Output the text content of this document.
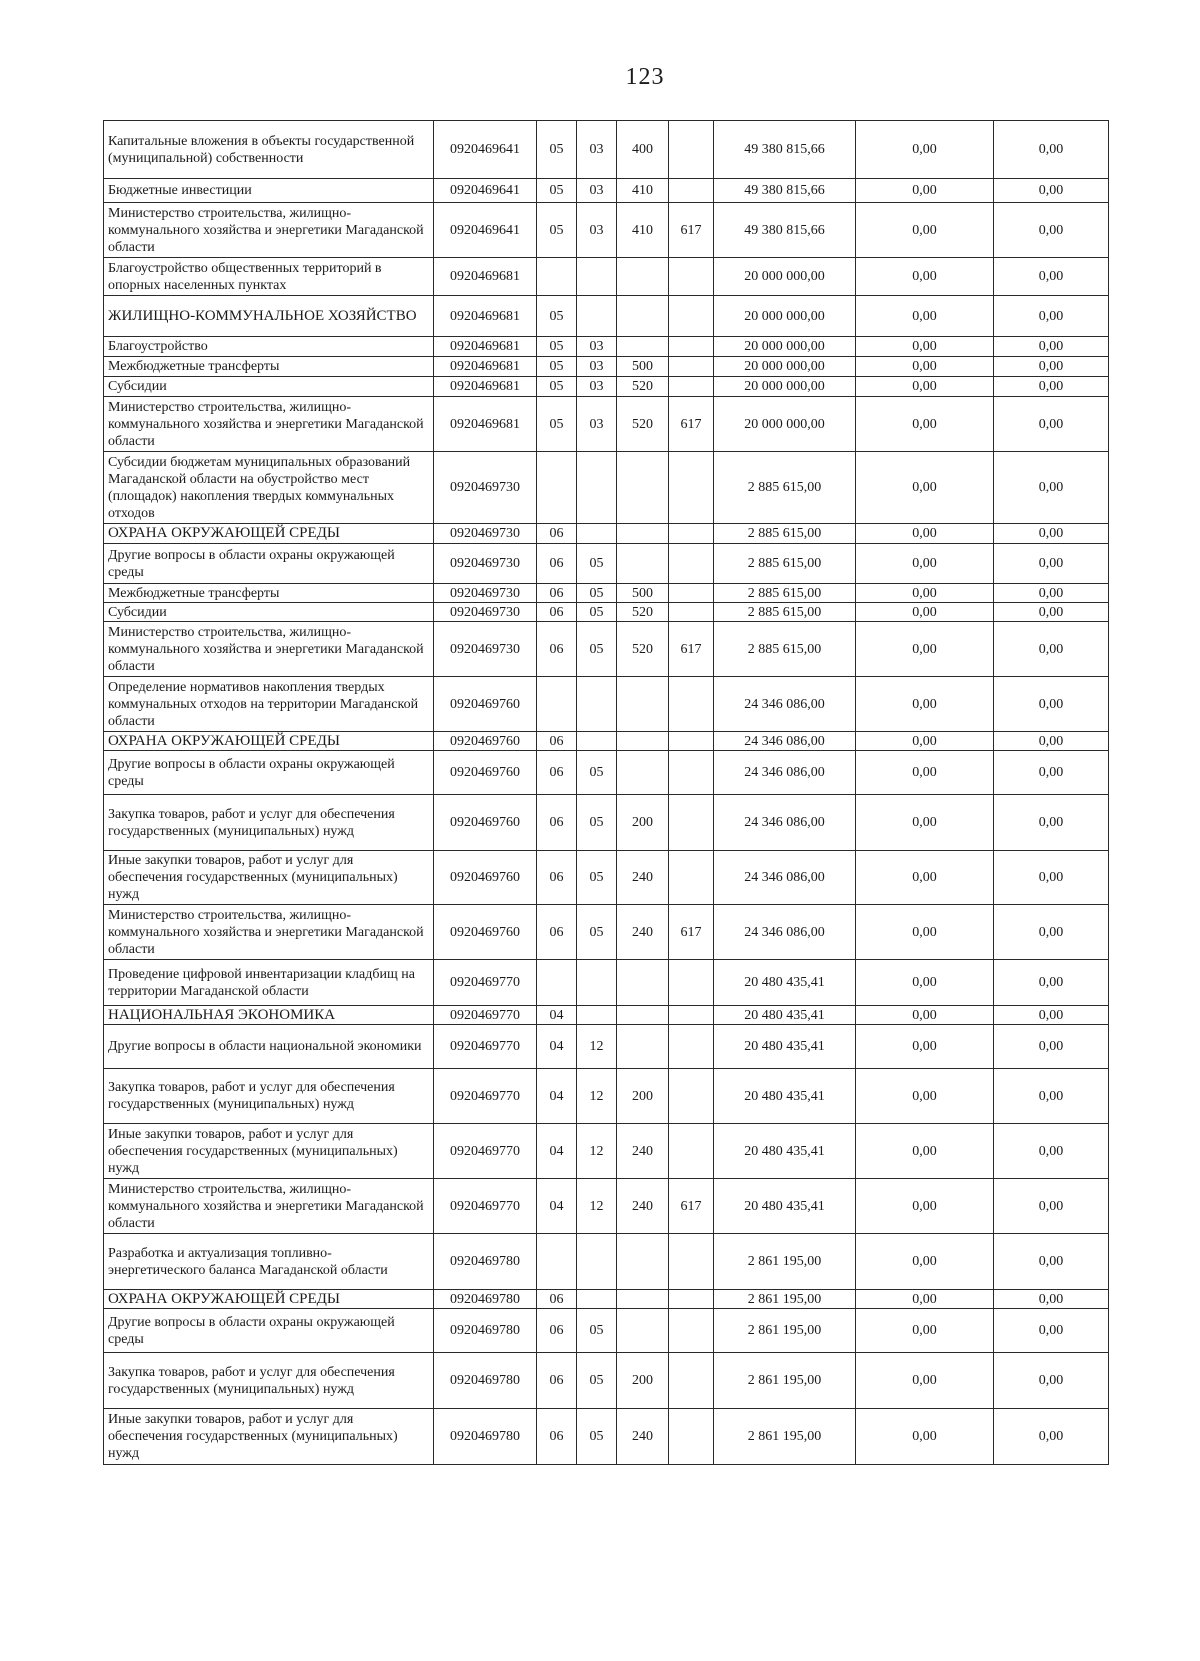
123
Капитальные вложения в объекты государственной (муниципальной) собственности	0920469641	05	03	400		49 380 815,66	0,00	0,00
Бюджетные инвестиции	0920469641	05	03	410		49 380 815,66	0,00	0,00
Министерство строительства, жилищно-коммунального хозяйства и энергетики Магаданской области	0920469641	05	03	410	617	49 380 815,66	0,00	0,00
Благоустройство общественных территорий в опорных населенных пунктах	0920469681					20 000 000,00	0,00	0,00
ЖИЛИЩНО-КОММУНАЛЬНОЕ ХОЗЯЙСТВО	0920469681	05				20 000 000,00	0,00	0,00
Благоустройство	0920469681	05	03			20 000 000,00	0,00	0,00
Межбюджетные трансферты	0920469681	05	03	500		20 000 000,00	0,00	0,00
Субсидии	0920469681	05	03	520		20 000 000,00	0,00	0,00
Министерство строительства, жилищно-коммунального хозяйства и энергетики Магаданской области	0920469681	05	03	520	617	20 000 000,00	0,00	0,00
Субсидии бюджетам муниципальных образований Магаданской области на обустройство мест (площадок) накопления твердых коммунальных отходов	0920469730					2 885 615,00	0,00	0,00
ОХРАНА ОКРУЖАЮЩЕЙ СРЕДЫ	0920469730	06				2 885 615,00	0,00	0,00
Другие вопросы в области охраны окружающей среды	0920469730	06	05			2 885 615,00	0,00	0,00
Межбюджетные трансферты	0920469730	06	05	500		2 885 615,00	0,00	0,00
Субсидии	0920469730	06	05	520		2 885 615,00	0,00	0,00
Министерство строительства, жилищно-коммунального хозяйства и энергетики Магаданской области	0920469730	06	05	520	617	2 885 615,00	0,00	0,00
Определение нормативов накопления твердых коммунальных отходов на территории Магаданской области	0920469760					24 346 086,00	0,00	0,00
ОХРАНА ОКРУЖАЮЩЕЙ СРЕДЫ	0920469760	06				24 346 086,00	0,00	0,00
Другие вопросы в области охраны окружающей среды	0920469760	06	05			24 346 086,00	0,00	0,00
Закупка товаров, работ и услуг для обеспечения государственных (муниципальных) нужд	0920469760	06	05	200		24 346 086,00	0,00	0,00
Иные закупки товаров, работ и услуг для обеспечения государственных (муниципальных) нужд	0920469760	06	05	240		24 346 086,00	0,00	0,00
Министерство строительства, жилищно-коммунального хозяйства и энергетики Магаданской области	0920469760	06	05	240	617	24 346 086,00	0,00	0,00
Проведение цифровой инвентаризации кладбищ на территории Магаданской области	0920469770					20 480 435,41	0,00	0,00
НАЦИОНАЛЬНАЯ ЭКОНОМИКА	0920469770	04				20 480 435,41	0,00	0,00
Другие вопросы в области национальной экономики	0920469770	04	12			20 480 435,41	0,00	0,00
Закупка товаров, работ и услуг для обеспечения государственных (муниципальных) нужд	0920469770	04	12	200		20 480 435,41	0,00	0,00
Иные закупки товаров, работ и услуг для обеспечения государственных (муниципальных) нужд	0920469770	04	12	240		20 480 435,41	0,00	0,00
Министерство строительства, жилищно-коммунального хозяйства и энергетики Магаданской области	0920469770	04	12	240	617	20 480 435,41	0,00	0,00
Разработка и актуализация топливно-энергетического баланса Магаданской области	0920469780					2 861 195,00	0,00	0,00
ОХРАНА ОКРУЖАЮЩЕЙ СРЕДЫ	0920469780	06				2 861 195,00	0,00	0,00
Другие вопросы в области охраны окружающей среды	0920469780	06	05			2 861 195,00	0,00	0,00
Закупка товаров, работ и услуг для обеспечения государственных (муниципальных) нужд	0920469780	06	05	200		2 861 195,00	0,00	0,00
Иные закупки товаров, работ и услуг для обеспечения государственных (муниципальных) нужд	0920469780	06	05	240		2 861 195,00	0,00	0,00
